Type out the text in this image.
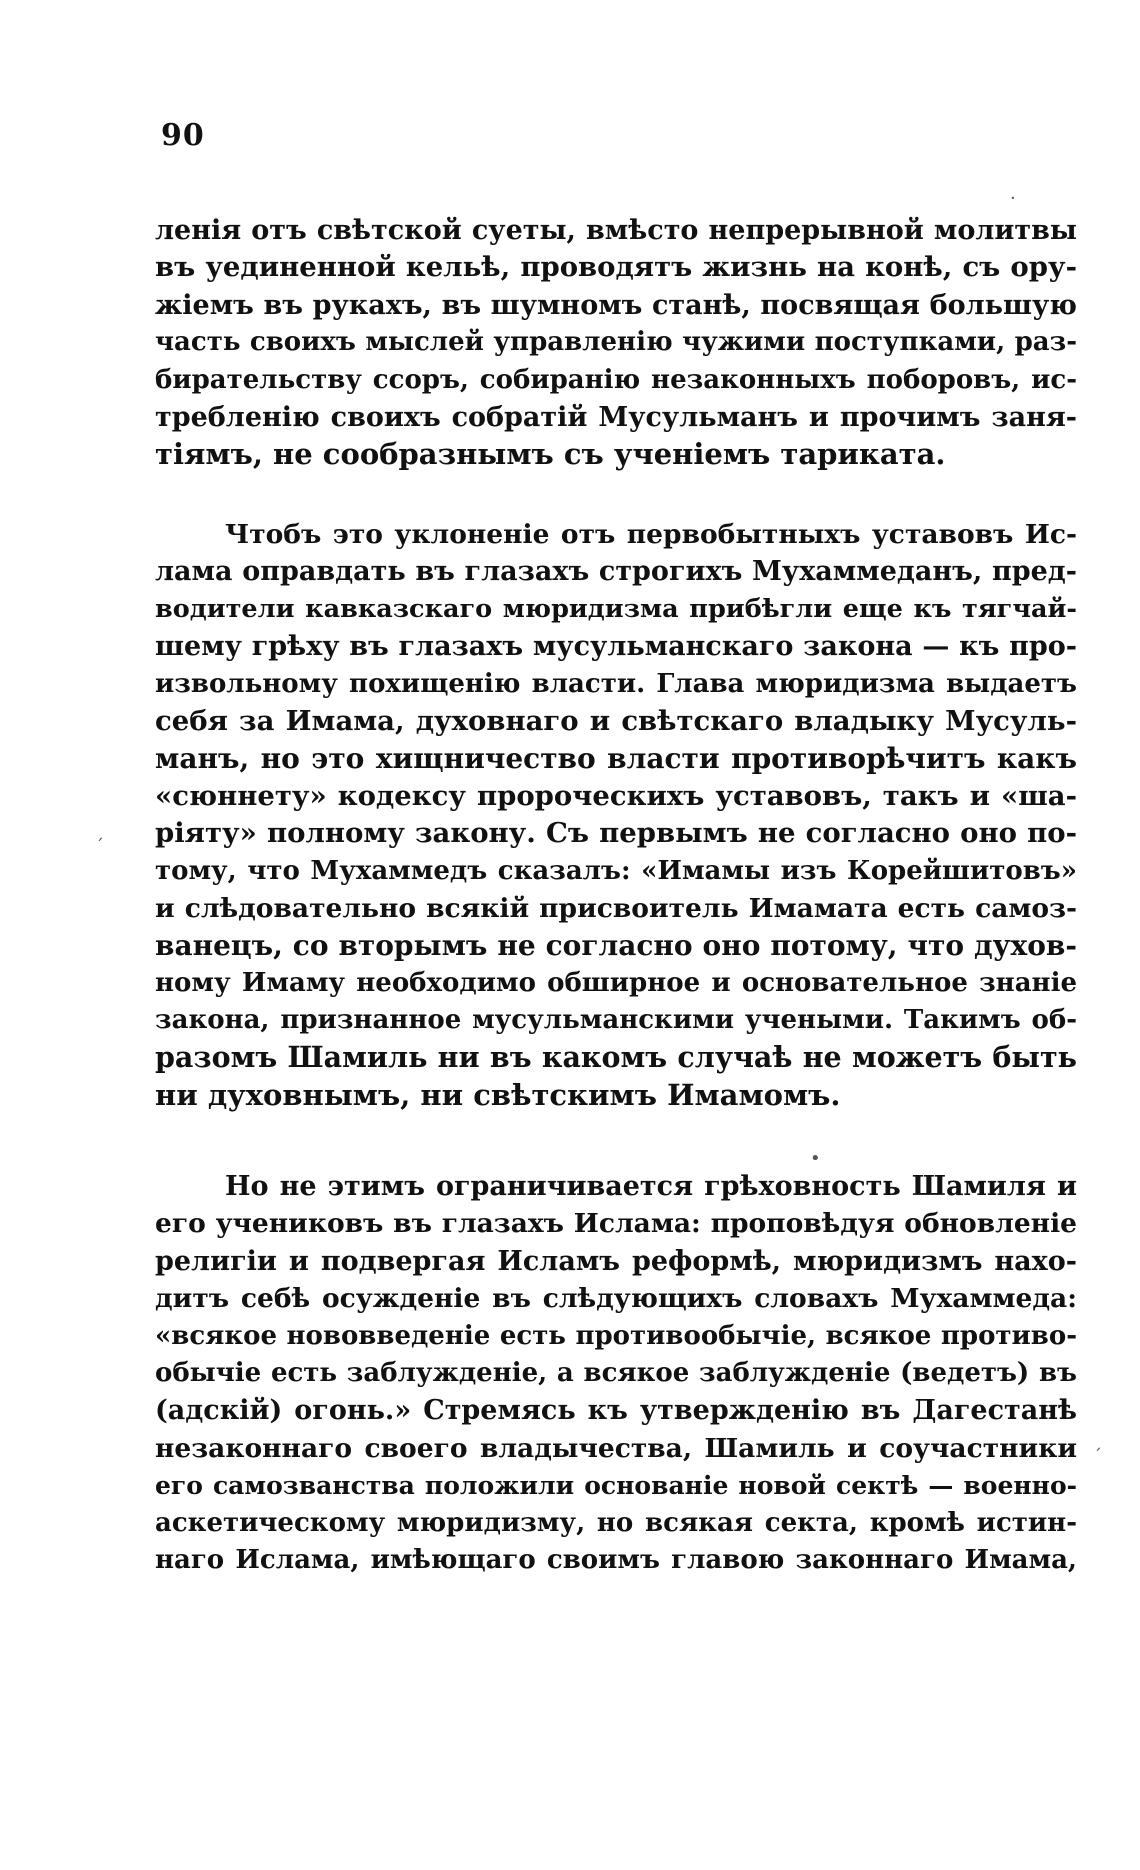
90

ленія отъ свѣтской суеты, вмѣсто непрерывной молитвы
въ уединенной кельѣ, проводятъ жизнь на конѣ, съ ору-
жіемъ въ рукахъ, въ шумномъ станѣ, посвящая большую
часть своихъ мыслей управленію чужими поступками, раз-
бирательству ссоръ, собиранію незаконныхъ поборовъ, ис-
требленію своихъ собратій Мусульманъ и прочимъ заня-
тіямъ, не сообразнымъ съ ученіемъ тариката.
Чтобъ это уклоненіе отъ первобытныхъ уставовъ Ис-
лама оправдать въ глазахъ строгихъ Мухаммеданъ, пред-
водители кавказскаго мюридизма прибѣгли еще къ тягчай-
шему грѣху въ глазахъ мусульманскаго закона — къ про-
извольному похищенію власти. Глава мюридизма выдаетъ
себя за Имама, духовнаго и свѣтскаго владыку Мусуль-
манъ, но это хищничество власти противорѣчитъ какъ
«сюннету» кодексу пророческихъ уставовъ, такъ и «ша-
ріяту» полному закону. Съ первымъ не согласно оно по-
тому, что Мухаммедъ сказалъ: «Имамы изъ Корейшитовъ»
и слѣдовательно всякій присвоитель Имамата есть самоз-
ванецъ, со вторымъ не согласно оно потому, что духов-
ному Имаму необходимо обширное и основательное знаніе
закона, признанное мусульманскими учеными. Такимъ об-
разомъ Шамиль ни въ какомъ случаѣ не можетъ быть
ни духовнымъ, ни свѣтскимъ Имамомъ.
Но не этимъ ограничивается грѣховность Шамиля и
его учениковъ въ глазахъ Ислама: проповѣдуя обновленіе
религіи и подвергая Исламъ реформѣ, мюридизмъ нахо-
дитъ себѣ осужденіе въ слѣдующихъ словахъ Мухаммеда:
«всякое нововведеніе есть противообычіе, всякое противо-
обычіе есть заблужденіе, а всякое заблужденіе (ведетъ) въ
(адскій) огонь.» Стремясь къ утвержденію въ Дагестанѣ
незаконнаго своего владычества, Шамиль и соучастники
его самозванства положили основаніе новой сектѣ — военно-
аскетическому мюридизму, но всякая секта, кромѣ истин-
наго Ислама, имѣющаго своимъ главою законнаго Имама,
·
ˊ
•
ˊ
